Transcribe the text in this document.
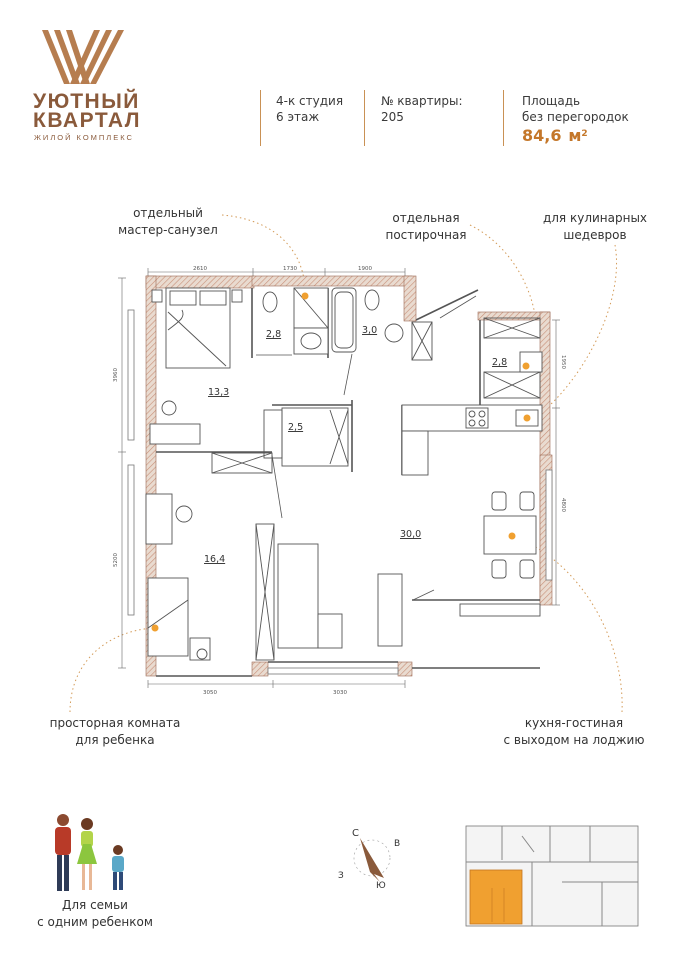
УЮТНЫЙ
КВАРТАЛ
ЖИЛОЙ КОМПЛЕКС
4-к студия
6 этаж
№ квартиры:
205
Площадь
без перегородок
84,6 $м^2$
отдельный
мастер-санузел
отдельная
постирочная
для кулинарных
шедевров
просторная комната
для ребенка
кухня-гостиная
с выходом на лоджию
2610	1730	1900
3960
5200
1950
4800
3050	3030
13,3
2,8	3,0
2,8
2,5
16,4
30,0
Для семьи
с одним ребенком
С
В
Ю
З
